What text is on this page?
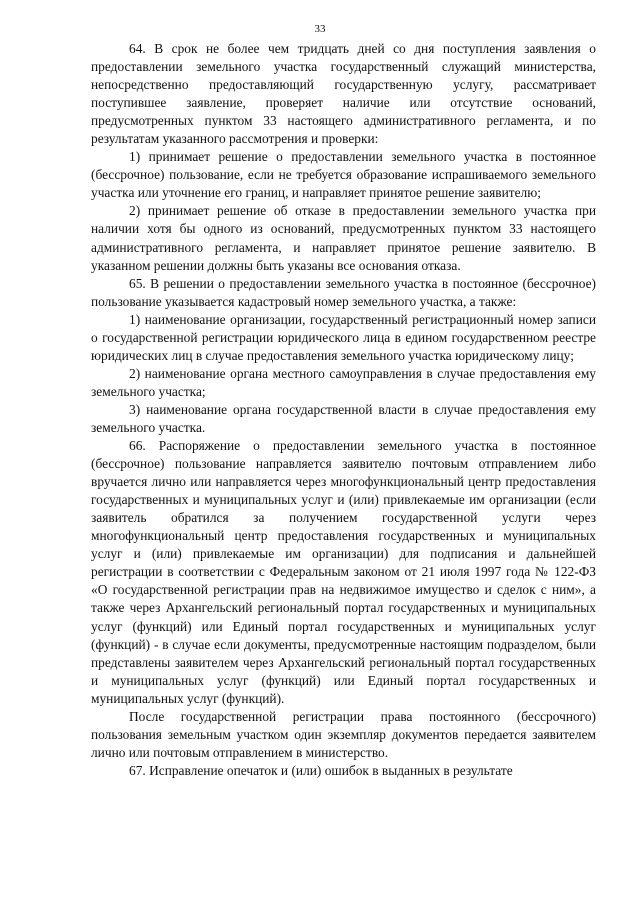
33

64. В срок не более чем тридцать дней со дня поступления заявления о предоставлении земельного участка государственный служащий министерства, непосредственно предоставляющий государственную услугу, рассматривает поступившее заявление, проверяет наличие или отсутствие оснований, предусмотренных пунктом 33 настоящего административного регламента, и по результатам указанного рассмотрения и проверки:

1) принимает решение о предоставлении земельного участка в постоянное (бессрочное) пользование, если не требуется образование испрашиваемого земельного участка или уточнение его границ, и направляет принятое решение заявителю;

2) принимает решение об отказе в предоставлении земельного участка при наличии хотя бы одного из оснований, предусмотренных пунктом 33 настоящего административного регламента, и направляет принятое решение заявителю. В указанном решении должны быть указаны все основания отказа.

65. В решении о предоставлении земельного участка в постоянное (бессрочное) пользование указывается кадастровый номер земельного участка, а также:

1) наименование организации, государственный регистрационный номер записи о государственной регистрации юридического лица в едином государственном реестре юридических лиц в случае предоставления земельного участка юридическому лицу;

2) наименование органа местного самоуправления в случае предоставления ему земельного участка;

3) наименование органа государственной власти в случае предоставления ему земельного участка.

66. Распоряжение о предоставлении земельного участка в постоянное (бессрочное) пользование направляется заявителю почтовым отправлением либо вручается лично или направляется через многофункциональный центр предоставления государственных и муниципальных услуг и (или) привлекаемые им организации (если заявитель обратился за получением государственной услуги через многофункциональный центр предоставления государственных и муниципальных услуг и (или) привлекаемые им организации) для подписания и дальнейшей регистрации в соответствии с Федеральным законом от 21 июля 1997 года № 122-ФЗ «О государственной регистрации прав на недвижимое имущество и сделок с ним», а также через Архангельский региональный портал государственных и муниципальных услуг (функций) или Единый портал государственных и муниципальных услуг (функций) - в случае если документы, предусмотренные настоящим подразделом, были представлены заявителем через Архангельский региональный портал государственных и муниципальных услуг (функций) или Единый портал государственных и муниципальных услуг (функций).

После государственной регистрации права постоянного (бессрочного) пользования земельным участком один экземпляр документов передается заявителем лично или почтовым отправлением в министерство.

67. Исправление опечаток и (или) ошибок в выданных в результате
